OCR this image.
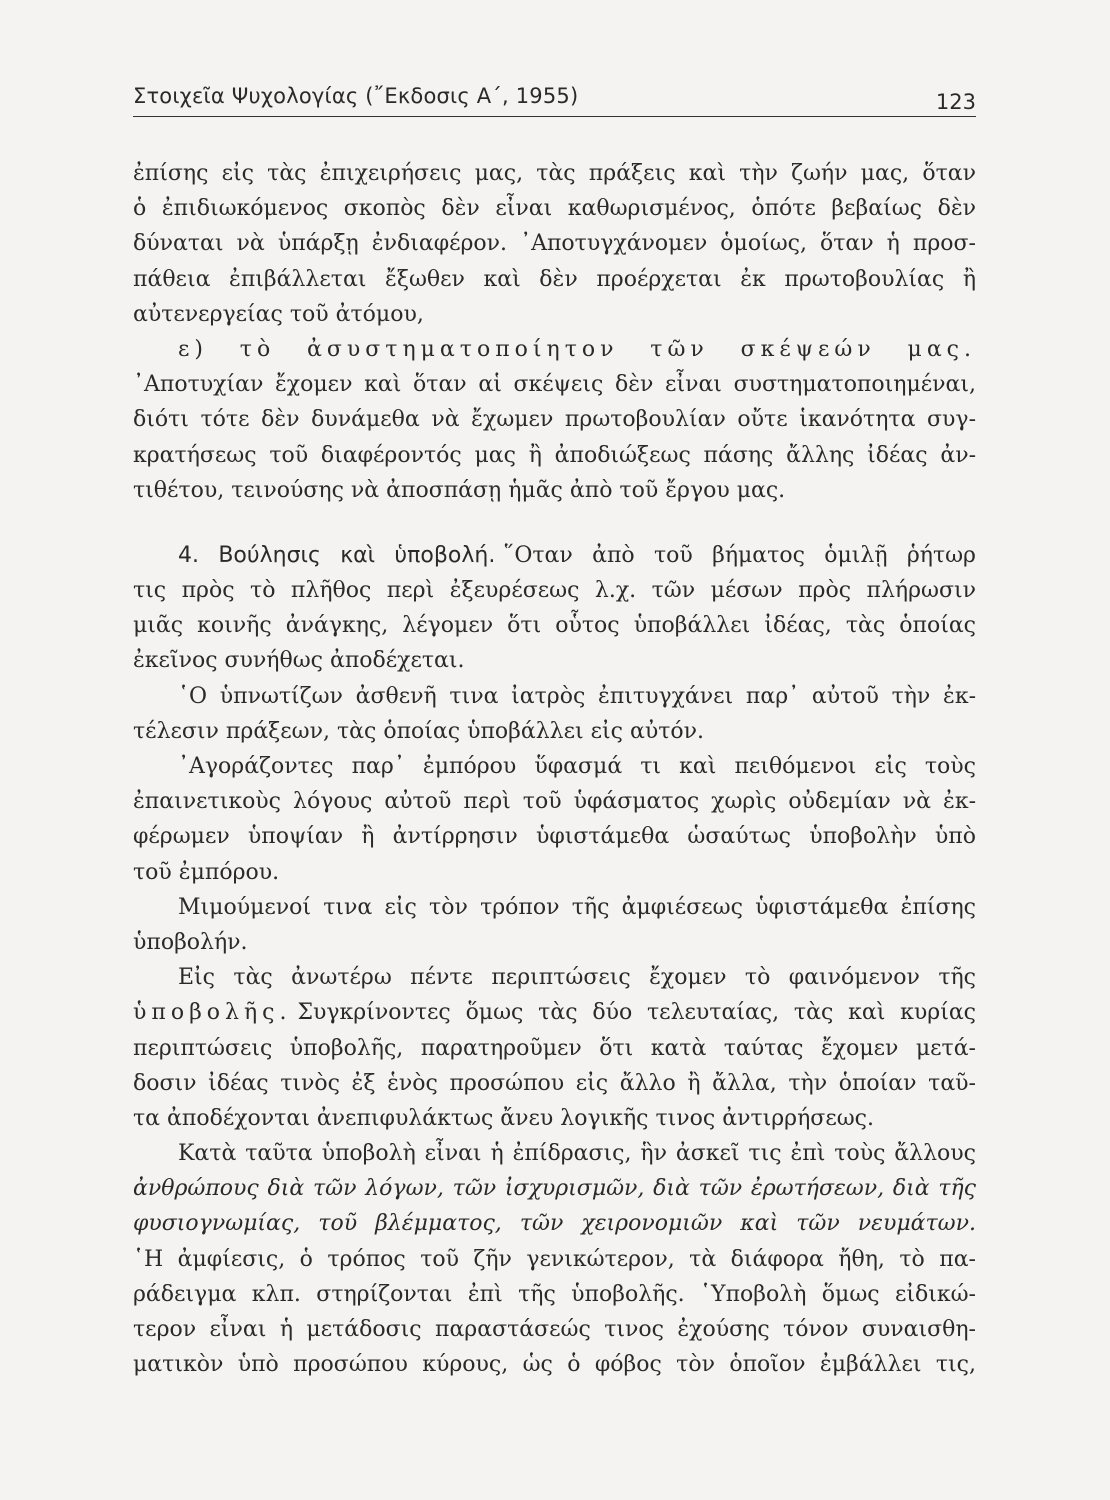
Στοιχεῖα Ψυχολογίας (῎Εκδοσις Α΄, 1955)	123
ἐπίσης εἰς τὰς ἐπιχειρήσεις μας, τὰς πράξεις καὶ τὴν ζωήν μας, ὅταν
ὁ ἐπιδιωκόμενος σκοπὸς δὲν εἶναι καθωρισμένος, ὁπότε βεβαίως δὲν
δύναται νὰ ὑπάρξῃ ἐνδιαφέρον. ᾿Αποτυγχάνομεν ὁμοίως, ὅταν ἡ προσ-
πάθεια ἐπιβάλλεται ἔξωθεν καὶ δὲν προέρχεται ἐκ πρωτοβουλίας ἢ
αὐτενεργείας τοῦ ἀτόμου,
ε) τὸ ἀσυστηματοποίητον τῶν σκέψεών μας.
᾿Αποτυχίαν ἔχομεν καὶ ὅταν αἱ σκέψεις δὲν εἶναι συστηματοποιημέναι,
διότι τότε δὲν δυνάμεθα νὰ ἔχωμεν πρωτοβουλίαν οὔτε ἱκανότητα συγ-
κρατήσεως τοῦ διαφέροντός μας ἢ ἀποδιώξεως πάσης ἄλλης ἰδέας ἀν-
τιθέτου, τεινούσης νὰ ἀποσπάσῃ ἡμᾶς ἀπὸ τοῦ ἔργου μας.
4. Βούλησις καὶ ὑποβολή. ῞Οταν ἀπὸ τοῦ βήματος ὁμιλῇ ῥήτωρ
τις πρὸς τὸ πλῆθος περὶ ἐξευρέσεως λ.χ. τῶν μέσων πρὸς πλήρωσιν
μιᾶς κοινῆς ἀνάγκης, λέγομεν ὅτι οὗτος ὑποβάλλει ἰδέας, τὰς ὁποίας
ἐκεῖνος συνήθως ἀποδέχεται.
῾Ο ὑπνωτίζων ἀσθενῆ τινα ἰατρὸς ἐπιτυγχάνει παρ᾽ αὐτοῦ τὴν ἐκ-
τέλεσιν πράξεων, τὰς ὁποίας ὑποβάλλει εἰς αὐτόν.
᾿Αγοράζοντες παρ᾽ ἐμπόρου ὕφασμά τι καὶ πειθόμενοι εἰς τοὺς
ἐπαινετικοὺς λόγους αὐτοῦ περὶ τοῦ ὑφάσματος χωρὶς οὐδεμίαν νὰ ἐκ-
φέρωμεν ὑποψίαν ἢ ἀντίρρησιν ὑφιστάμεθα ὡσαύτως ὑποβολὴν ὑπὸ
τοῦ ἐμπόρου.
Μιμούμενοί τινα εἰς τὸν τρόπον τῆς ἀμφιέσεως ὑφιστάμεθα ἐπίσης
ὑποβολήν.
Εἰς τὰς ἀνωτέρω πέντε περιπτώσεις ἔχομεν τὸ φαινόμενον τῆς
ὑποβολῆς. Συγκρίνοντες ὅμως τὰς δύο τελευταίας, τὰς καὶ κυρίας
περιπτώσεις ὑποβολῆς, παρατηροῦμεν ὅτι κατὰ ταύτας ἔχομεν μετά-
δοσιν ἰδέας τινὸς ἐξ ἑνὸς προσώπου εἰς ἄλλο ἢ ἄλλα, τὴν ὁποίαν ταῦ-
τα ἀποδέχονται ἀνεπιφυλάκτως ἄνευ λογικῆς τινος ἀντιρρήσεως.
Κατὰ ταῦτα ὑποβολὴ εἶναι ἡ ἐπίδρασις, ἣν ἀσκεῖ τις ἐπὶ τοὺς ἄλλους
ἀνθρώπους διὰ τῶν λόγων, τῶν ἰσχυρισμῶν, διὰ τῶν ἐρωτήσεων, διὰ τῆς
φυσιογνωμίας, τοῦ βλέμματος, τῶν χειρονομιῶν καὶ τῶν νευμάτων.
῾Η ἀμφίεσις, ὁ τρόπος τοῦ ζῆν γενικώτερον, τὰ διάφορα ἤθη, τὸ πα-
ράδειγμα κλπ. στηρίζονται ἐπὶ τῆς ὑποβολῆς. ῾Υποβολὴ ὅμως εἰδικώ-
τερον εἶναι ἡ μετάδοσις παραστάσεώς τινος ἐχούσης τόνον συναισθη-
ματικὸν ὑπὸ προσώπου κύρους, ὡς ὁ φόβος τὸν ὁποῖον ἐμβάλλει τις,
